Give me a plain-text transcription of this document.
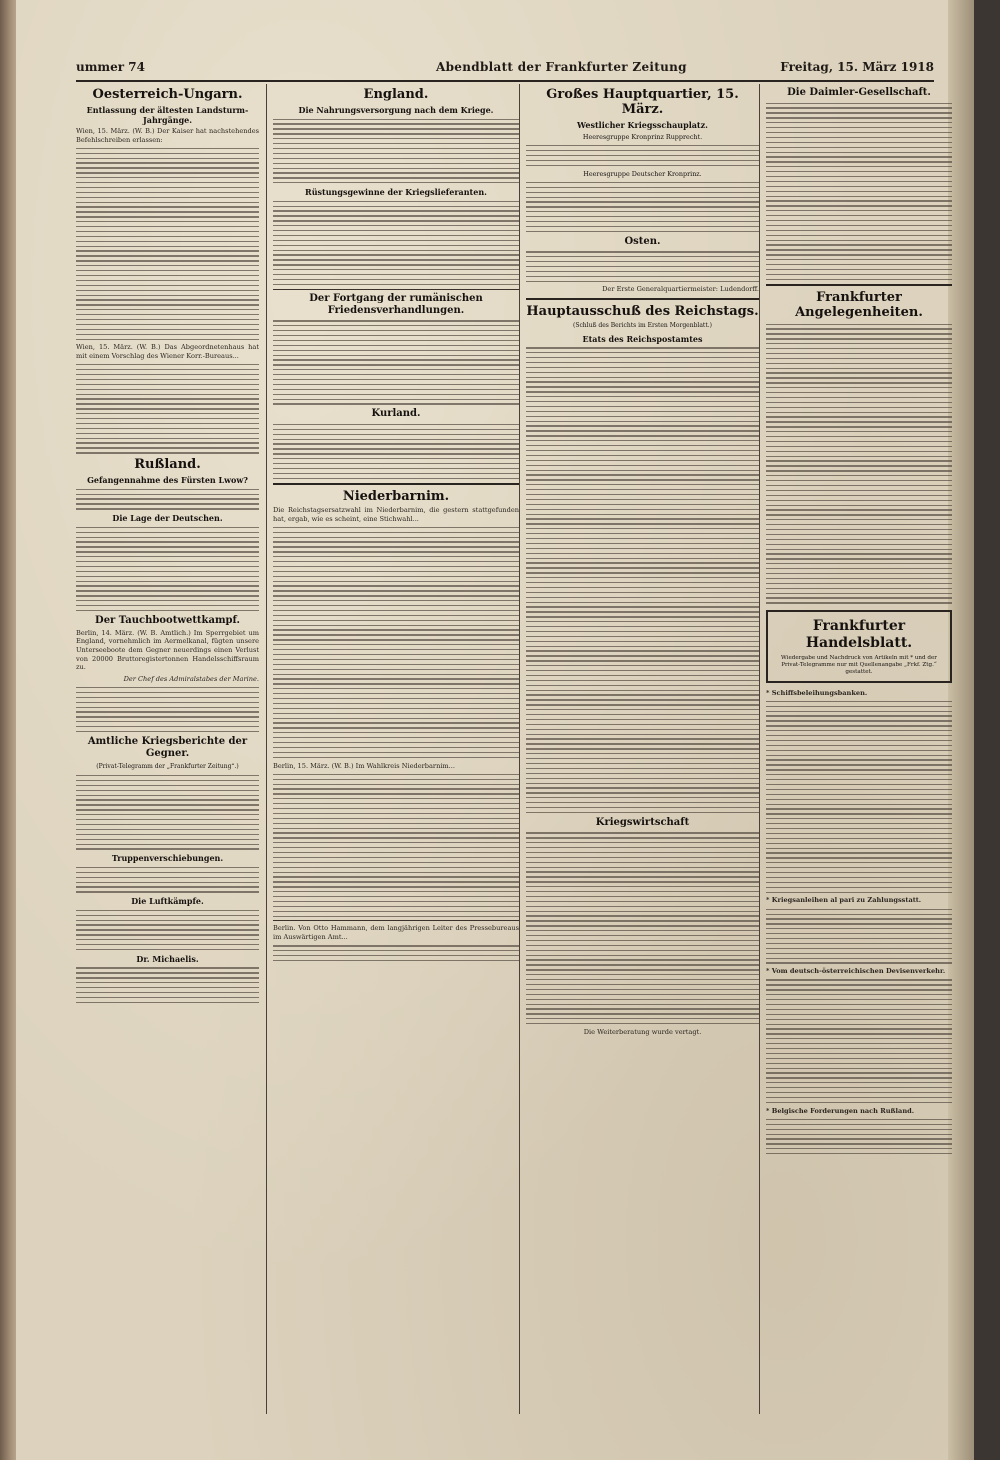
ummer 74	Abendblatt der Frankfurter Zeitung	Freitag, 15. März 1918
Oesterreich-Ungarn.
Entlassung der ältesten Landsturm-Jahrgänge.
Wien, 15. März. (W. B.) Der Kaiser hat nachstehendes Befehlschreiben erlassen:
Wien, 15. März. (W. B.) Das Abgeordnetenhaus hat mit einem Vorschlag des Wiener Korr.-Bureaus...
Rußland.
Gefangennahme des Fürsten Lwow?
Die Lage der Deutschen.
Der Tauchbootwettkampf.
Berlin, 14. März. (W. B. Amtlich.) Im Sperrgebiet um England, vornehmlich im Aermelkanal, fügten unsere Unterseeboote dem Gegner neuerdings einen Verlust von 20000 Bruttoregistertonnen Handelsschiffsraum zu.
Der Chef des Admiralstabes der Marine.
Amtliche Kriegsberichte der Gegner.
(Privat-Telegramm der „Frankfurter Zeitung“.)
Truppenverschiebungen.
Die Luftkämpfe.
Dr. Michaelis.
England.
Die Nahrungsversorgung nach dem Kriege.
Rüstungsgewinne der Kriegslieferanten.
Der Fortgang der rumänischen Friedensverhandlungen.
Kurland.
Niederbarnim.
Die Reichstagsersatzwahl im Niederbarnim, die gestern stattgefunden hat, ergab, wie es scheint, eine Stichwahl...
Berlin, 15. März. (W. B.) Im Wahlkreis Niederbarnim...
Berlin. Von Otto Hammann, dem langjährigen Leiter des Pressebureaus im Auswärtigen Amt...
Großes Hauptquartier, 15. März.
Westlicher Kriegsschauplatz.
Heeresgruppe Kronprinz Rupprecht.
Heeresgruppe Deutscher Kronprinz.
Osten.
Der Erste Generalquartiermeister: Ludendorff.
Hauptausschuß des Reichstags.
(Schluß des Berichts im Ersten Morgenblatt.)
Etats des Reichspostamtes
Kriegswirtschaft
Die Weiterberatung wurde vertagt.
Die Daimler-Gesellschaft.
Frankfurter Angelegenheiten.
Frankfurter Handelsblatt.
Wiedergabe und Nachdruck von Artikeln mit * und der Privat-Telegramme nur mit Quellenangabe „Frkf. Ztg.“ gestattet.
* Schiffsbeleihungsbanken.
* Kriegsanleihen al pari zu Zahlungsstatt.
* Vom deutsch-österreichischen Devisenverkehr.
* Belgische Forderungen nach Rußland.
